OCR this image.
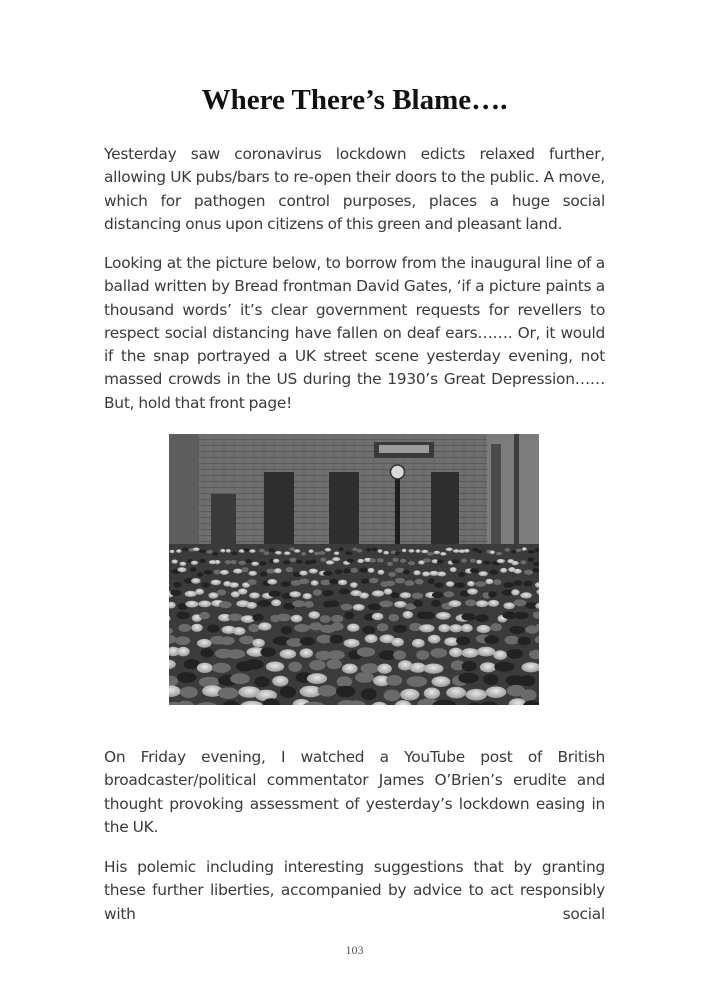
Where There’s Blame….

Yesterday saw coronavirus lockdown edicts relaxed further, allowing UK pubs/bars to re-open their doors to the public. A move, which for pathogen control purposes, places a huge social distancing onus upon citizens of this green and pleasant land.

Looking at the picture below, to borrow from the inaugural line of a ballad written by Bread frontman David Gates, ‘if a picture paints a thousand words’ it’s clear government requests for revellers to respect social distancing have fallen on deaf ears……. Or, it would if the snap portrayed a UK street scene yesterday evening, not massed crowds in the US during the 1930’s Great Depression…… But, hold that front page!

On Friday evening, I watched a YouTube post of British broadcaster/political commentator James O’Brien’s erudite and thought provoking assessment of yesterday’s lockdown easing in the UK.

His polemic including interesting suggestions that by granting these further liberties, accompanied by advice to act responsibly with social

103
